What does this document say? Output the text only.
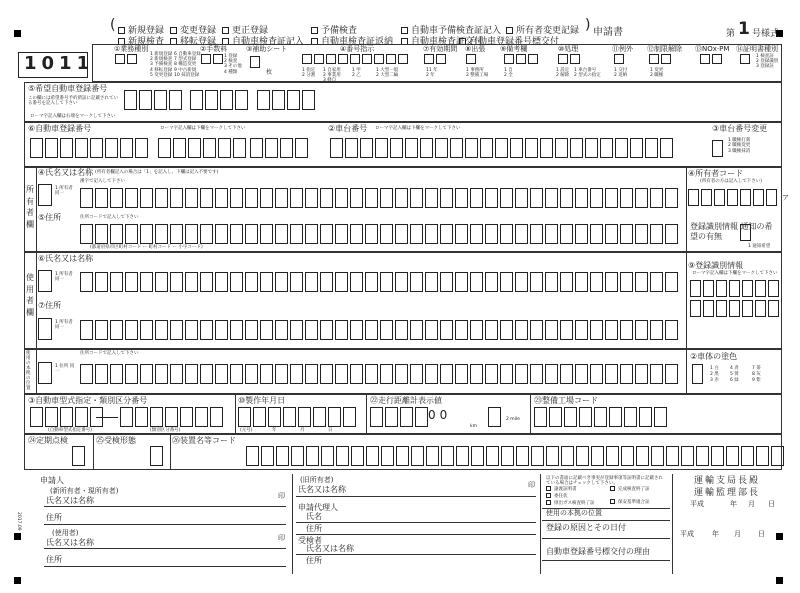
(	新規登録
新規検査
変更登録
移転登録
更正登録
自動車検査証記入
予備検査
自動車検査証返納
自動車予備検査証記入
自動車検査証交付
所有者変更記録
自動車登録番号標交付
) 申請書	第 1 号様式
1011
①業務種別
1 新規登録
2 新規検査
3 予備検査
4 移転登録
5 変更登録
6 自動車登録
7 型式登録
8 構造変更
9 中古新規
10 抹消登録
②手数料
1 登録
2 検査
3 その他
4 種類
③補助シート
枚
④番号指示
1 指定
2 分割
1 自家用
2 事業用
3 軽自
1 甲
2 乙
1 大型一般
2 大型二輪
⑦有効期間
11 年
2 年
⑧出張
1 事務所
2 整備工場
⑨備考欄
1 自
2 全
⑩処理
1 設定
2 解除
1 車台番号
2 型式の指定
⑪例外
1 交付
2 返納
⑫制限解除
1 変更
2 職権
⑬NOx·PM ⑭証明書種別
1 検査証
2 登録識別
3 登録証
⑤希望自動車登録番号
この欄には希望番号予約済証に記載されている番号を記入して下さい
ローマ字記入欄は右端をマークして下さい
⑥自動車登録番号	ローマ字記入欄は下欄をマークして下さい	②車台番号 ローマ字記入欄は下欄をマークして下さい	③車台番号変更
1 職権打刻
2 職権変更
3 職権抹消
所有者欄
④氏名又は名称 (所有者欄記入の場合は「1」を記入し、下欄は記入不要です)
漢字で記入して下さい
1 所有者 同一
⑤住所	住所コードで記入して下さい
(都道府県市区町村コード ー 町村コード ー 小字コード)
④所有者コード
(所有者の方は記入して下さい)
ア
登録識別情報 通知の希望の有無
1 通知希望
使用者欄
⑥氏名又は名称
1 所有者 同一
⑦住所
1 所有者 同一
⑨登録識別情報
ローマ字記入欄は下欄をマークして下さい
使用の本拠の位置
1 住所 同一
住所コードで記入して下さい	②車体の塗色
1 白
2 黒
3 赤
4 青
5 黄
6 緑
7 茶
8 灰
9 紫
③自動車型式指定・類別区分番号
(自動車型式指定番号)	(類別区分番号)
⑩製作年月日
(元号)	年	月	日
㉒走行距離計表示値
00
km
2 mile
㉓整備工場コード
㉔定期点検	㉕受検形態	㉖装置名等コード
申請人
(新所有者・現所有者)
氏名又は名称	印
住所
(使用者)
氏名又は名称	印
住所
2017.09
(旧所有者)
氏名又は名称	印
申請代理人
氏名
住所
受検者
氏名又は名称
住所
以下の書面に記載べき事実が登録事項等証明書に記載されている場合はチェックして下さい。
譲渡証明書
委任状
排出ガス検査終了証
完成検査終了証

保安基準適合証
使用の本拠の位置
登録の原因とその日付
自動車登録番号標交付の理由
運輸支局長殿
運輸監理部長
平成	年 月 日
平成	年 月 日
